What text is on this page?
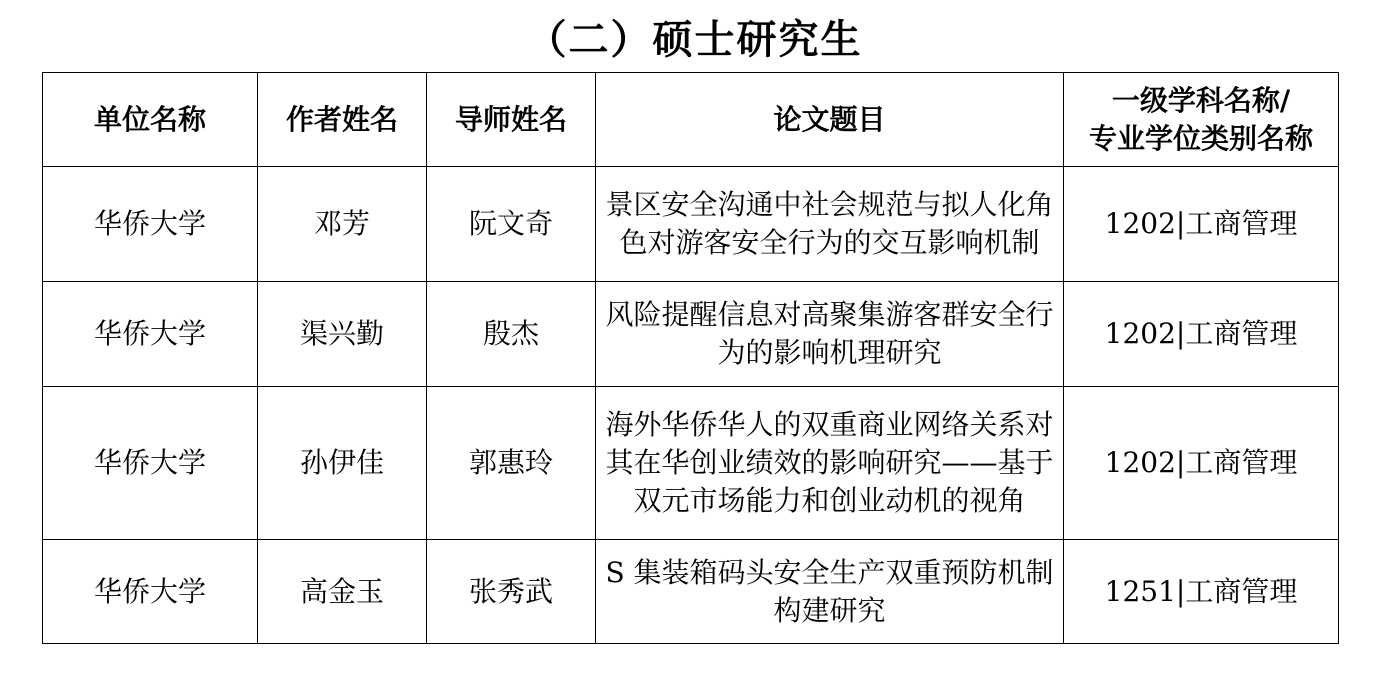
（二）硕士研究生
单位名称	作者姓名	导师姓名	论文题目	一级学科名称/
专业学位类别名称

华侨大学	邓芳	阮文奇	景区安全沟通中社会规范与拟人化角色对游客安全行为的交互影响机制	1202|工商管理
华侨大学	渠兴勤	殷杰	风险提醒信息对高聚集游客群安全行为的影响机理研究	1202|工商管理
华侨大学	孙伊佳	郭惠玲	海外华侨华人的双重商业网络关系对其在华创业绩效的影响研究——基于双元市场能力和创业动机的视角	1202|工商管理
华侨大学	高金玉	张秀武	S 集装箱码头安全生产双重预防机制构建研究	1251|工商管理
